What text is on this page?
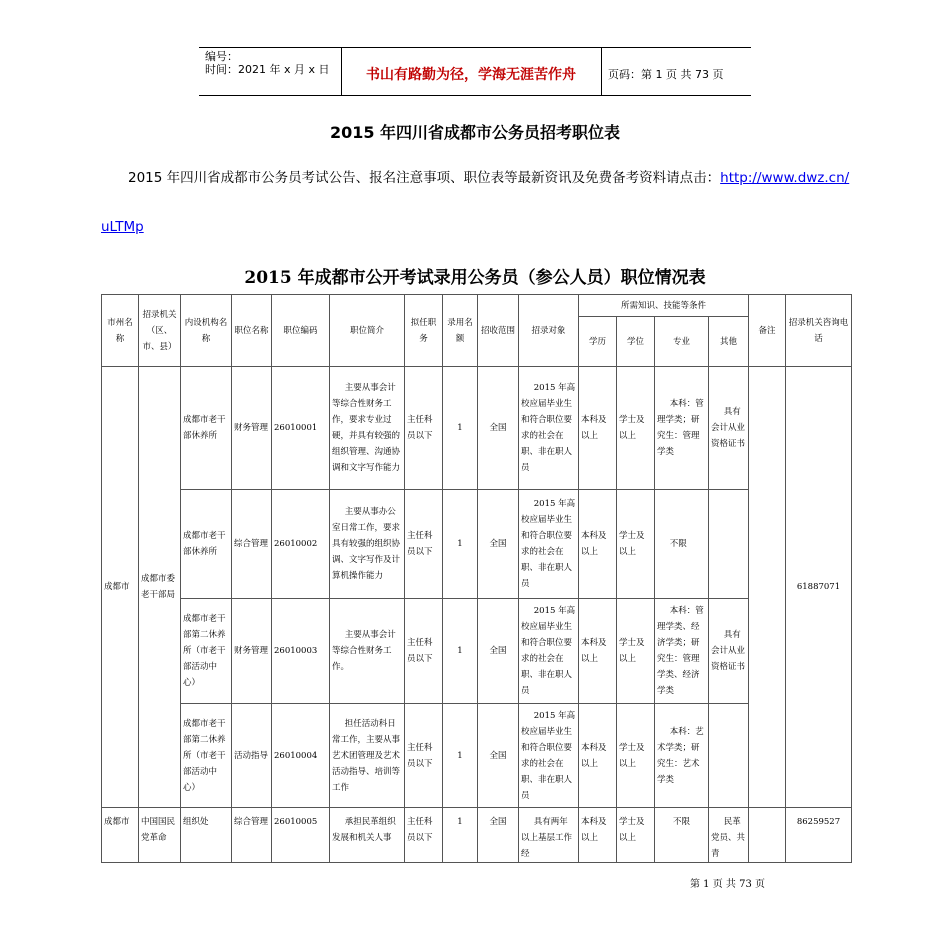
编号：
时间：2021 年 x 月 x 日	书山有路勤为径，学海无涯苦作舟	页码：第 1 页 共 73 页
2015 年四川省成都市公务员招考职位表
2015 年四川省成都市公务员考试公告、报名注意事项、职位表等最新资讯及免费备考资料请点击：http://www.dwz.cn/
uLTMp
2015 年成都市公开考试录用公务员（参公人员）职位情况表
市州名称	招录机关（区、市、县）	内设机构名称	职位名称	职位编码	职位简介	拟任职务	录用名额	招收范围	招录对象	所需知识、技能等条件				备注	招录机关咨询电话
										学历	学位	专业	其他		
成都市	成都市委老干部局	成都市老干部休养所	财务管理	26010001	主要从事会计等综合性财务工作，要求专业过硬，并具有较强的组织管理、沟通协调和文字写作能力	主任科员以下	1	全国	2015 年高校应届毕业生和符合职位要求的社会在职、非在职人员	本科及以上	学士及以上	本科：管理学类；研究生：管理学类	具有会计从业资格证书		61887071
		成都市老干部休养所	综合管理	26010002	主要从事办公室日常工作，要求具有较强的组织协调、文字写作及计算机操作能力	主任科员以下	1	全国	2015 年高校应届毕业生和符合职位要求的社会在职、非在职人员	本科及以上	学士及以上	不限			
		成都市老干部第二休养所（市老干部活动中心）	财务管理	26010003	主要从事会计等综合性财务工作。	主任科员以下	1	全国	2015 年高校应届毕业生和符合职位要求的社会在职、非在职人员	本科及以上	学士及以上	本科：管理学类、经济学类；研究生：管理学类、经济学类	具有会计从业资格证书		
		成都市老干部第二休养所（市老干部活动中心）	活动指导	26010004	担任活动科日常工作，主要从事艺术团管理及艺术活动指导、培训等工作	主任科员以下	1	全国	2015 年高校应届毕业生和符合职位要求的社会在职、非在职人员	本科及以上	学士及以上	本科：艺术学类；研究生：艺术学类			
成都市	中国国民党革命	组织处	综合管理	26010005	承担民革组织发展和机关人事	主任科员以下	1	全国	具有两年以上基层工作经	本科及以上	学士及以上	不限	民革党员、共青		86259527
第 1 页 共 73 页
